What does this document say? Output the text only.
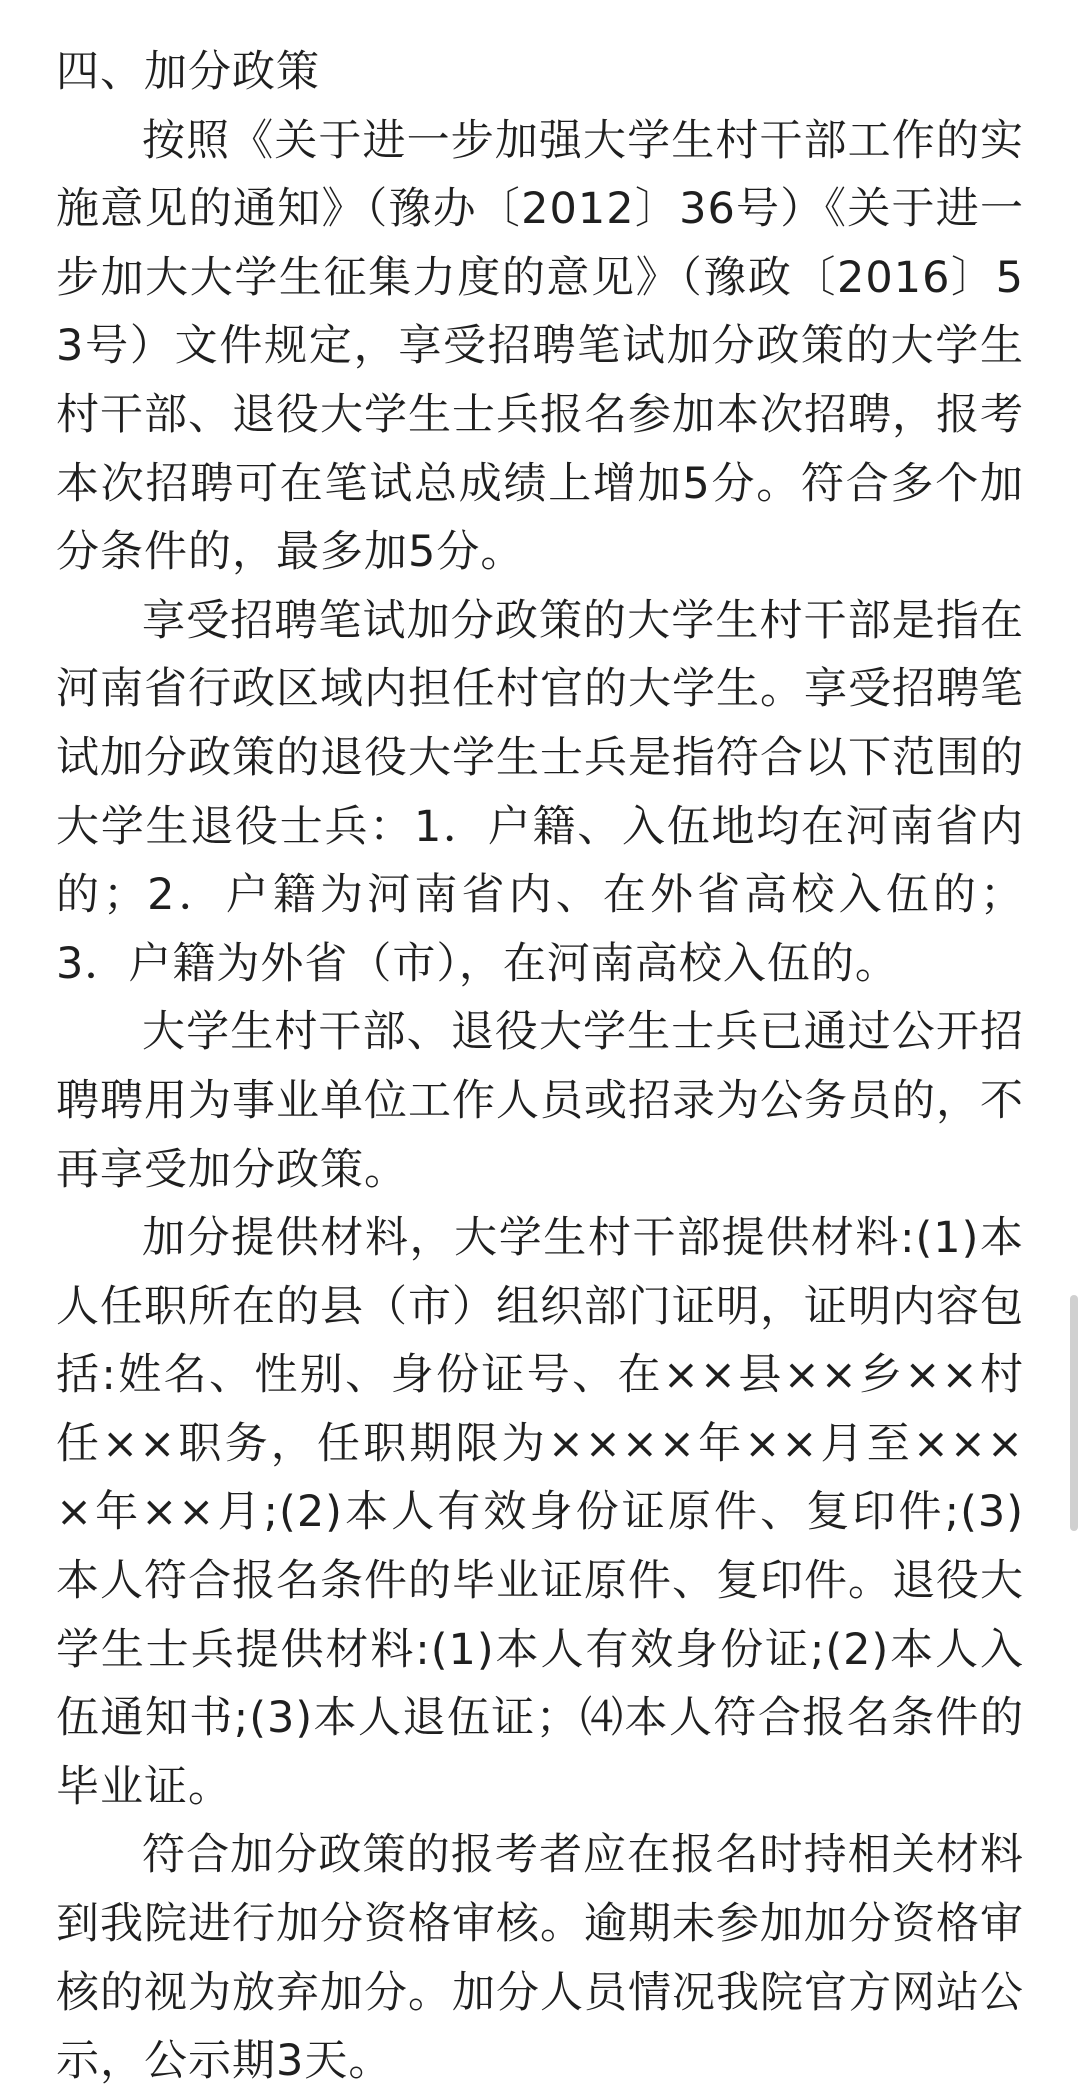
四、加分政策

按照《关于进一步加强大学生村干部工作的实施意见的通知》（豫办〔2012〕36号）《关于进一步加大大学生征集力度的意见》（豫政〔2016〕53号）文件规定，享受招聘笔试加分政策的大学生村干部、退役大学生士兵报名参加本次招聘，报考本次招聘可在笔试总成绩上增加5分。符合多个加分条件的，最多加5分。

享受招聘笔试加分政策的大学生村干部是指在河南省行政区域内担任村官的大学生。享受招聘笔试加分政策的退役大学生士兵是指符合以下范围的大学生退役士兵：1．户籍、入伍地均在河南省内的；2．户籍为河南省内、在外省高校入伍的；3．户籍为外省（市），在河南高校入伍的。

大学生村干部、退役大学生士兵已通过公开招聘聘用为事业单位工作人员或招录为公务员的，不再享受加分政策。

加分提供材料，大学生村干部提供材料:(1)本人任职所在的县（市）组织部门证明，证明内容包括:姓名、性别、身份证号、在××县××乡××村任××职务，任职期限为××××年××月至××××年××月;(2)本人有效身份证原件、复印件;(3)本人符合报名条件的毕业证原件、复印件。退役大学生士兵提供材料:(1)本人有效身份证;(2)本人入伍通知书;(3)本人退伍证；⑷本人符合报名条件的毕业证。

符合加分政策的报考者应在报名时持相关材料到我院进行加分资格审核。逾期未参加加分资格审核的视为放弃加分。加分人员情况我院官方网站公示，公示期3天。
